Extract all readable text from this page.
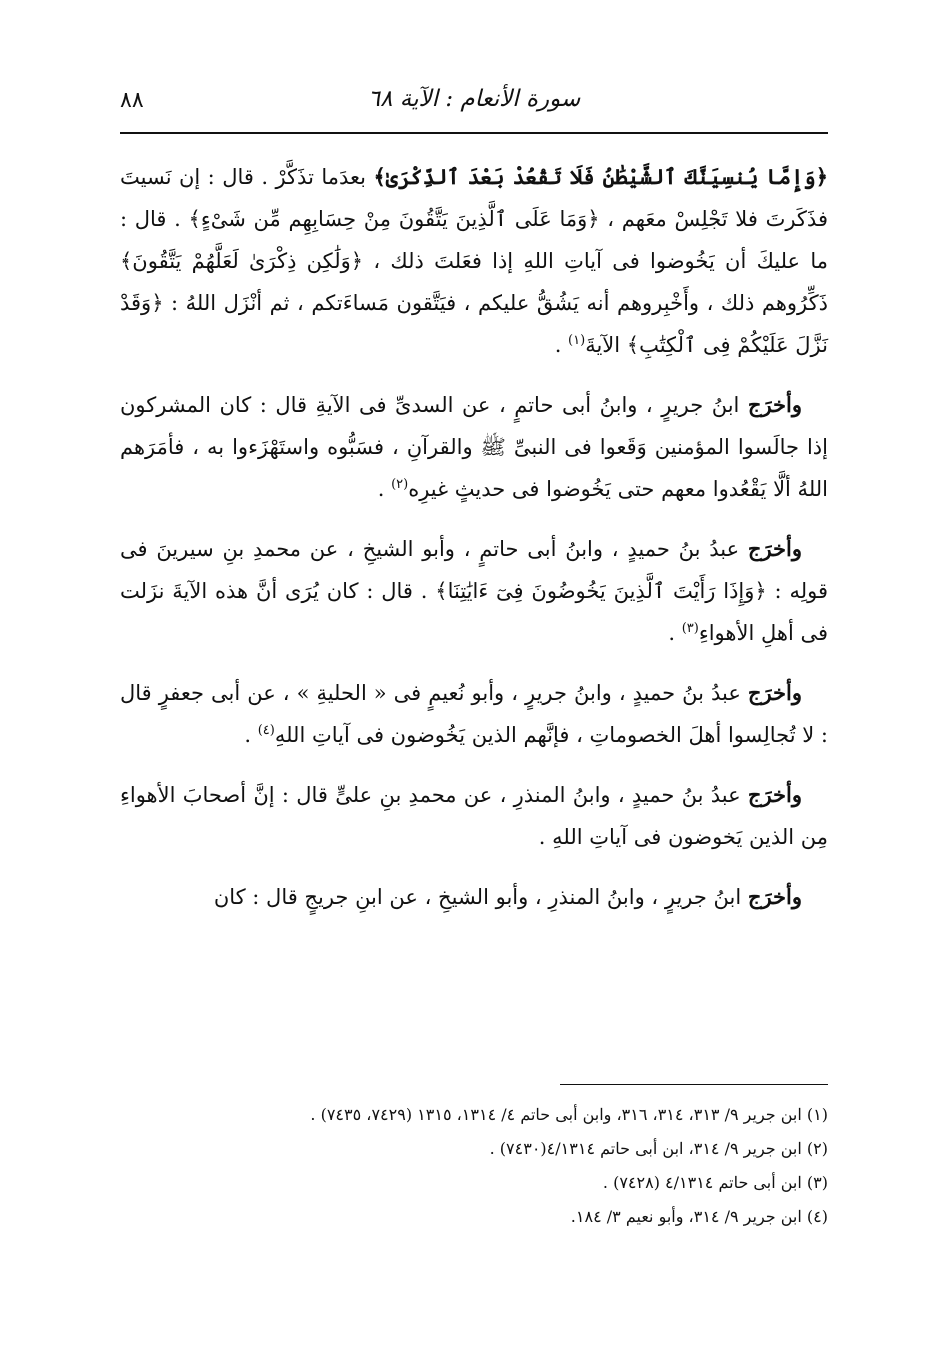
سورة الأنعام : الآية ٦٨
٨٨

﴿وَإِمَّا يُنسِيَنَّكَ ٱلشَّيْطَٰنُ فَلَا تَقْعُدْ بَعْدَ ٱلذِّكْرَىٰ﴾ بعدَما تذَكَّرْ . قال : إن نَسيتَ فذَكَرتَ فلا تَجْلِسْ معَهم ، ﴿وَمَا عَلَى ٱلَّذِينَ يَتَّقُونَ مِنْ حِسَابِهِم مِّن شَىْءٍ﴾ . قال : ما عليكَ أن يَخُوضوا فى آياتِ اللهِ إذا فعَلتَ ذلك ، ﴿وَلَٰكِن ذِكْرَىٰ لَعَلَّهُمْ يَتَّقُونَ﴾ ذَكِّرُوهم ذلك ، وأَخْبِروهم أنه يَشُقُّ عليكم ، فيَتَّقون مَساءَتكم ، ثم أنْزَل اللهُ : ﴿وَقَدْ نَزَّلَ عَلَيْكُمْ فِى ٱلْكِتَٰبِ﴾ الآيةَ$^{(١)}$ .

وأخرَج ابنُ جريرٍ ، وابنُ أبى حاتمٍ ، عن السدىِّ فى الآيةِ قال : كان المشركون إذا جالَسوا المؤمنين وَقَعوا فى النبىِّ ﷺ والقرآنِ ، فسَبُّوه واستَهْزَءوا به ، فأمَرَهم اللهُ ألَّا يَقْعُدوا معهم حتى يَخُوضوا فى حديثٍ غيرِه$^{(٢)}$ .

وأخرَج عبدُ بنُ حميدٍ ، وابنُ أبى حاتمٍ ، وأبو الشيخِ ، عن محمدِ بنِ سيرينَ فى قولِه : ﴿وَإِذَا رَأَيْتَ ٱلَّذِينَ يَخُوضُونَ فِىٓ ءَايَٰتِنَا﴾ . قال : كان يُرَى أنَّ هذه الآيةَ نزَلت فى أهلِ الأهواءِ$^{(٣)}$ .

وأخرَج عبدُ بنُ حميدٍ ، وابنُ جريرٍ ، وأبو نُعيمٍ فى « الحليةِ » ، عن أبى جعفرٍ قال : لا تُجالِسوا أهلَ الخصوماتِ ، فإنَّهم الذين يَخُوضون فى آياتِ اللهِ$^{(٤)}$ .

وأخرَج عبدُ بنُ حميدٍ ، وابنُ المنذرِ ، عن محمدِ بنِ علىٍّ قال : إنَّ أصحابَ الأهواءِ مِن الذين يَخوضون فى آياتِ اللهِ .

وأخرَج ابنُ جريرٍ ، وابنُ المنذرِ ، وأبو الشيخِ ، عن ابنِ جريجٍ قال : كان

(١) ابن جرير ٩/ ٣١٣، ٣١٤، ٣١٦، وابن أبى حاتم ٤/ ١٣١٤، ١٣١٥ (٧٤٢٩، ٧٤٣٥) .

(٢) ابن جرير ٩/ ٣١٤، ابن أبى حاتم ٤/١٣١٤(٧٤٣٠) .

(٣) ابن أبى حاتم ٤/١٣١٤ (٧٤٢٨) .

(٤) ابن جرير ٩/ ٣١٤، وأبو نعيم ٣/ ١٨٤.
